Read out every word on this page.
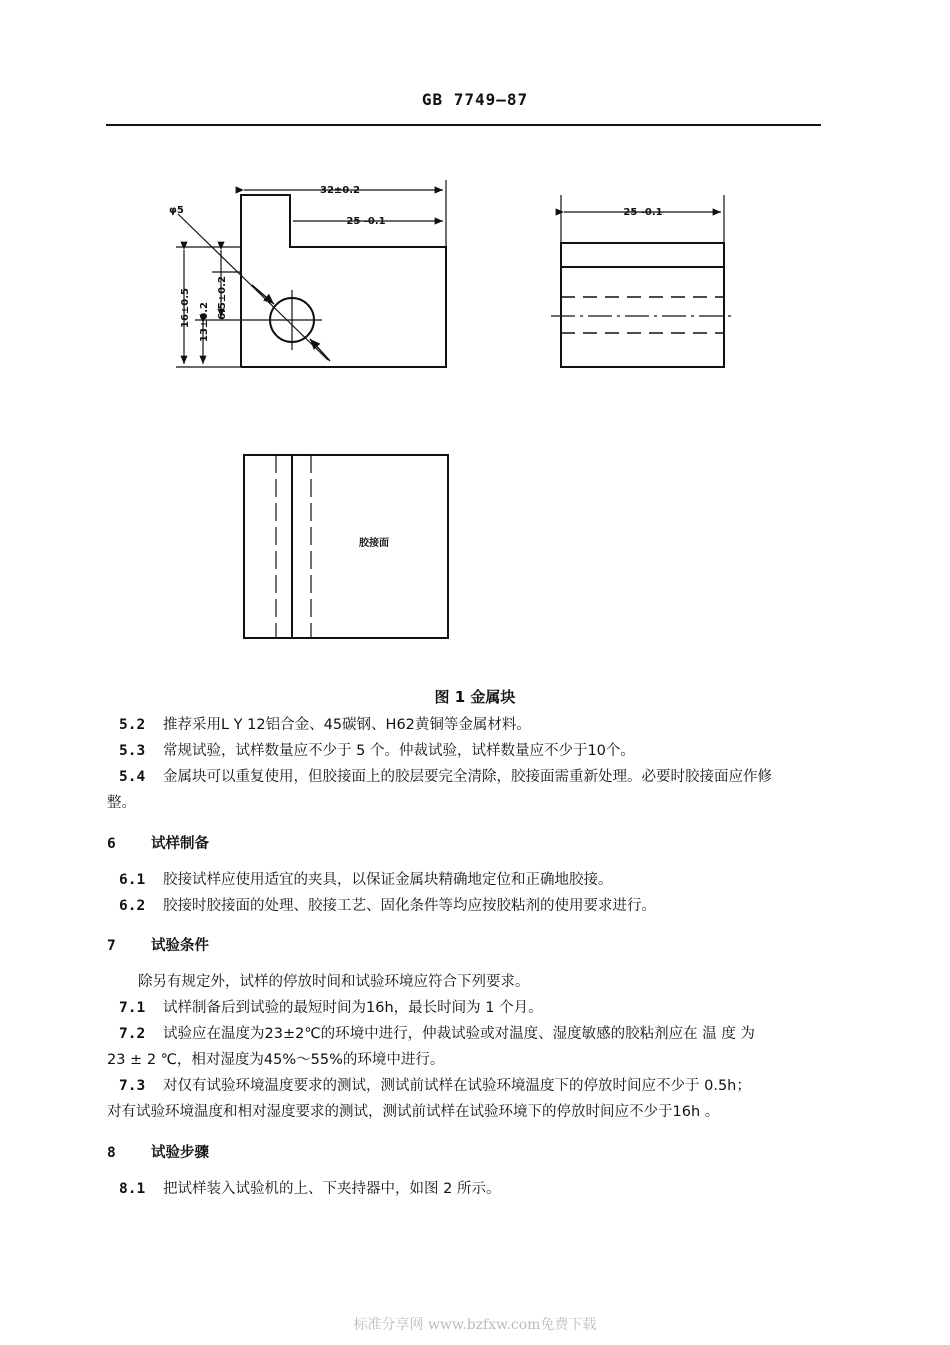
GB 7749—87
32±0.2
25 -0.1
φ5
16±0.5 13±0.2
6.5±0.2
25 -0.1
胶接面
图 1 金属块
5.2 推荐采用L Y 12铝合金、45碳钢、H62黄铜等金属材料。
5.3 常规试验，试样数量应不少于 5 个。仲裁试验，试样数量应不少于10个。
5.4 金属块可以重复使用，但胶接面上的胶层要完全清除，胶接面需重新处理。必要时胶接面应作修
整。
6 试样制备
6.1 胶接试样应使用适宜的夹具，以保证金属块精确地定位和正确地胶接。
6.2 胶接时胶接面的处理、胶接工艺、固化条件等均应按胶粘剂的使用要求进行。
7 试验条件
除另有规定外，试样的停放时间和试验环境应符合下列要求。
7.1 试样制备后到试验的最短时间为16h，最长时间为 1 个月。
7.2 试验应在温度为23±2℃的环境中进行，仲裁试验或对温度、湿度敏感的胶粘剂应在 温 度 为
23 ± 2 ℃，相对湿度为45%～55%的环境中进行。
7.3 对仅有试验环境温度要求的测试，测试前试样在试验环境温度下的停放时间应不少于 0.5h；
对有试验环境温度和相对湿度要求的测试，测试前试样在试验环境下的停放时间应不少于16h 。
8 试验步骤
8.1 把试样装入试验机的上、下夹持器中，如图 2 所示。
标准分享网 www.bzfxw.com免费下载
